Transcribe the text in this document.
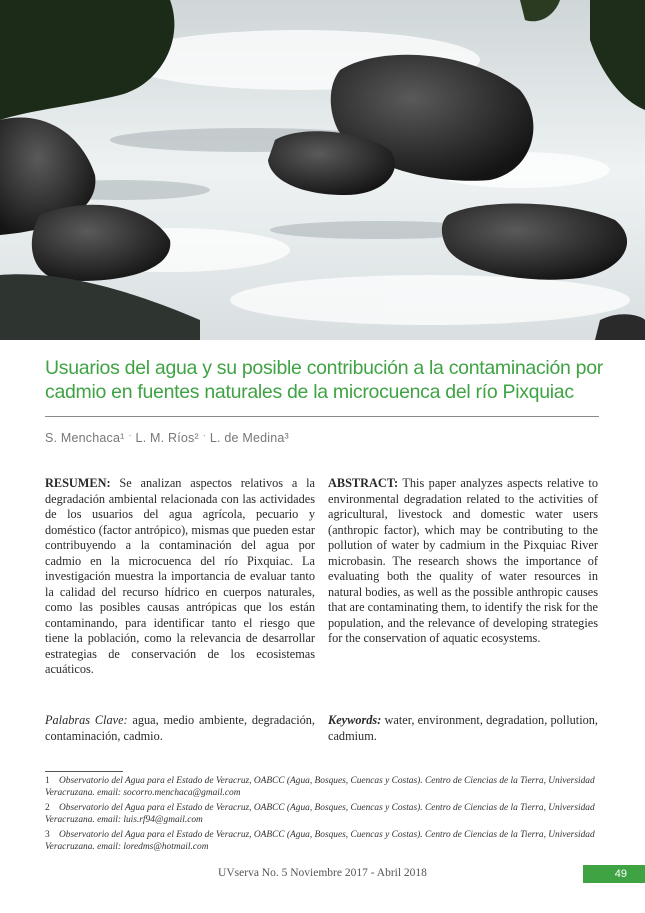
Usuarios del agua y su posible contribución a la contaminación por cadmio en fuentes naturales de la microcuenca del río Pixquiac
S. Menchaca¹ ˑ L. M. Ríos² ˑ L. de Medina³

RESUMEN: Se analizan aspectos relativos a la degradación ambiental relacionada con las actividades de los usuarios del agua agrícola, pecuario y doméstico (factor antrópico), mismas que pueden estar contribuyendo a la contaminación del agua por cadmio en la microcuenca del río Pixquiac. La investigación muestra la importancia de evaluar tanto la calidad del recurso hídrico en cuerpos naturales, como las posibles causas antrópicas que los están contaminando, para identificar tanto el riesgo que tiene la población, como la relevancia de desarrollar estrategias de conservación de los ecosistemas acuáticos.

ABSTRACT: This paper analyzes aspects relative to environmental degradation related to the activities of agricultural, livestock and domestic water users (anthropic factor), which may be contributing to the pollution of water by cadmium in the Pixquiac River microbasin. The research shows the importance of evaluating both the quality of water resources in natural bodies, as well as the possible anthropic causes that are contaminating them, to identify the risk for the population, and the relevance of developing strategies for the conservation of aquatic ecosystems.

Palabras Clave: agua, medio ambiente, degradación, contaminación, cadmio.
Keywords: water, environment, degradation, pollution, cadmium.

1 Observatorio del Agua para el Estado de Veracruz, OABCC (Agua, Bosques, Cuencas y Costas). Centro de Ciencias de la Tierra, Universidad Veracruzana. email: socorro.menchaca@gmail.com

2 Observatorio del Agua para el Estado de Veracruz, OABCC (Agua, Bosques, Cuencas y Costas). Centro de Ciencias de la Tierra, Universidad Veracruzana. email: luis.rf94@gmail.com

3 Observatorio del Agua para el Estado de Veracruz, OABCC (Agua, Bosques, Cuencas y Costas). Centro de Ciencias de la Tierra, Universidad Veracruzana. email: loredms@hotmail.com

UVserva No. 5 Noviembre 2017 - Abril 2018	49
